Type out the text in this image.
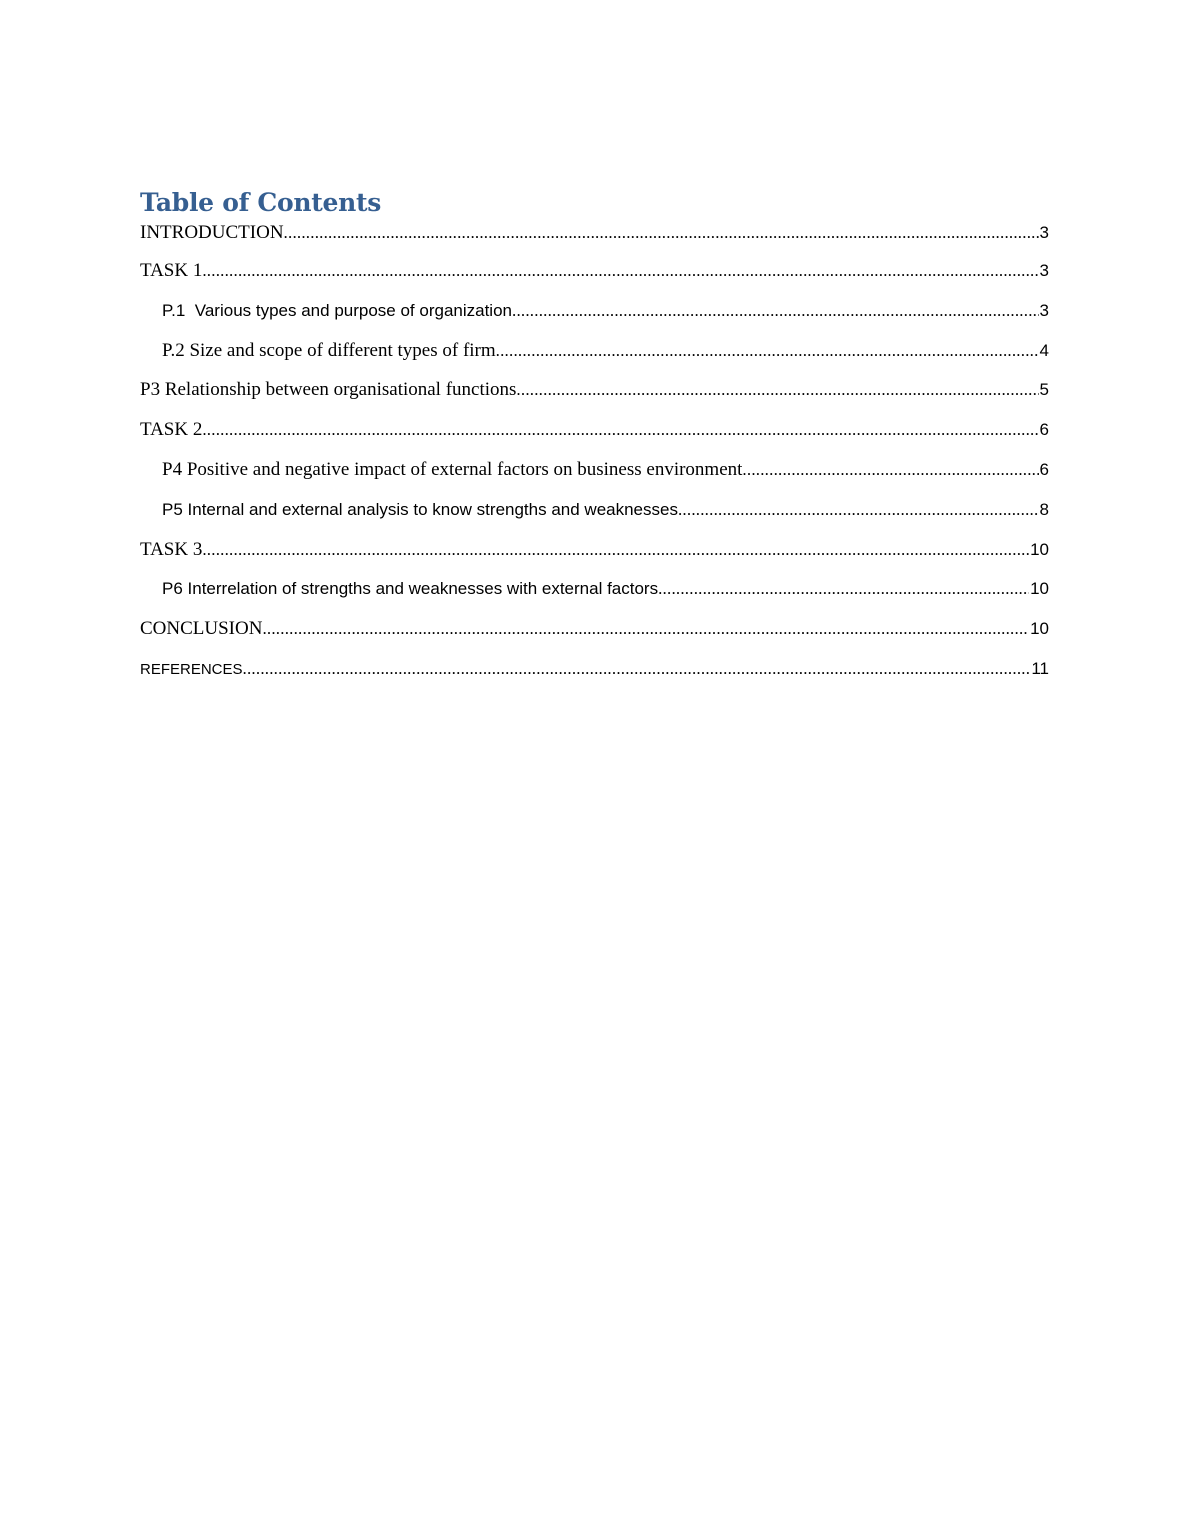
Table of Contents
INTRODUCTION .....	3
TASK 1 .....	3
P.1  Various types and purpose of organization .....	3
P.2 Size and scope of different types of firm .....	4
P3 Relationship between organisational functions .....	5
TASK 2 .....	6
P4 Positive and negative impact of external factors on business environment .....	6
P5 Internal and external analysis to know strengths and weaknesses .....	8
TASK 3 .....	10
P6 Interrelation of strengths and weaknesses with external factors .....	10
CONCLUSION .....	10
REFERENCES .....	11
